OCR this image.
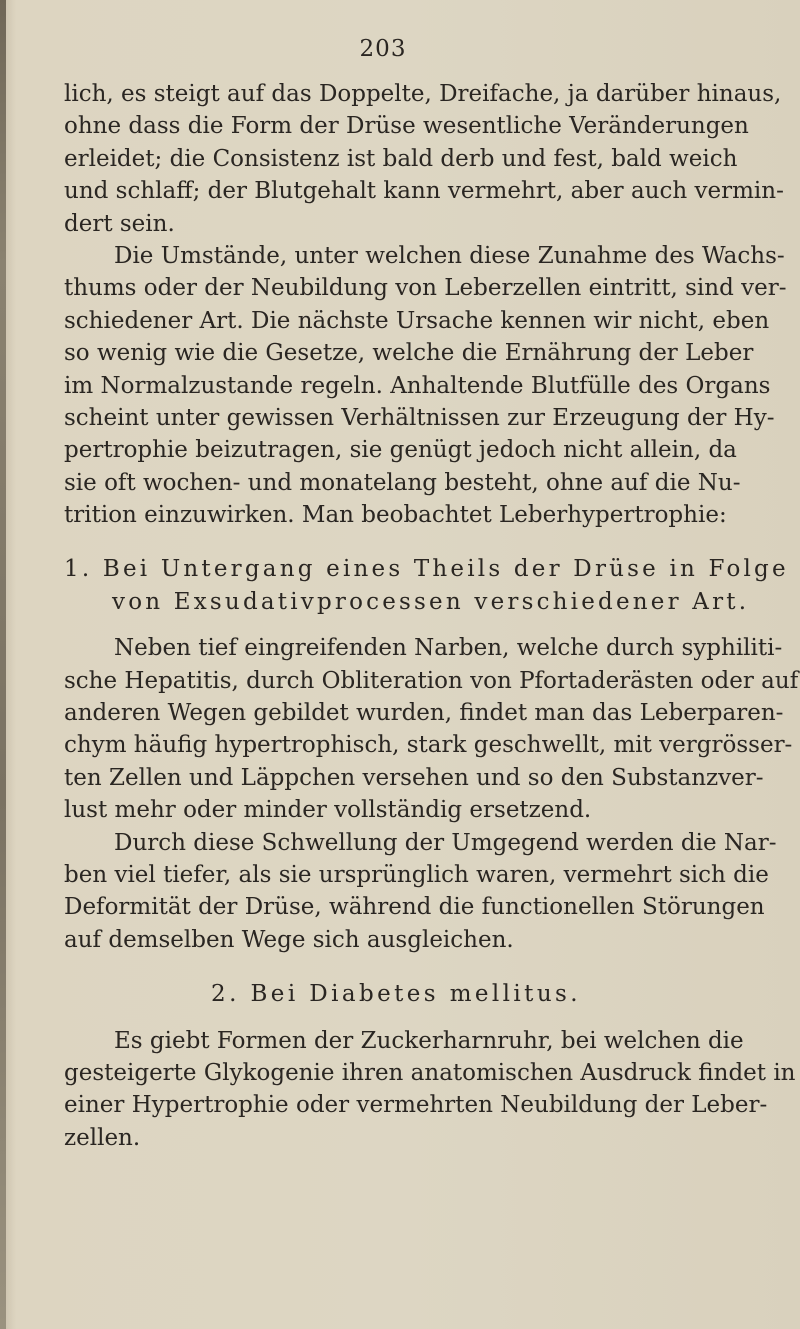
203
lich, es steigt auf das Doppelte, Dreifache, ja darüber hinaus,
ohne dass die Form der Drüse wesentliche Veränderungen
erleidet; die Consistenz ist bald derb und fest, bald weich
und schlaff; der Blutgehalt kann vermehrt, aber auch vermin-
dert sein.
Die Umstände, unter welchen diese Zunahme des Wachs-
thums oder der Neubildung von Leberzellen eintritt, sind ver-
schiedener Art. Die nächste Ursache kennen wir nicht, eben
so wenig wie die Gesetze, welche die Ernährung der Leber
im Normalzustande regeln. Anhaltende Blutfülle des Organs
scheint unter gewissen Verhältnissen zur Erzeugung der Hy-
pertrophie beizutragen, sie genügt jedoch nicht allein, da
sie oft wochen- und monatelang besteht, ohne auf die Nu-
trition einzuwirken. Man beobachtet Leberhypertrophie:
1. Bei Untergang eines Theils der Drüse in Folge
von Exsudativprocessen verschiedener Art.
Neben tief eingreifenden Narben, welche durch syphiliti-
sche Hepatitis, durch Obliteration von Pfortaderästen oder auf
anderen Wegen gebildet wurden, findet man das Leberparen-
chym häufig hypertrophisch, stark geschwellt, mit vergrösser-
ten Zellen und Läppchen versehen und so den Substanzver-
lust mehr oder minder vollständig ersetzend.
Durch diese Schwellung der Umgegend werden die Nar-
ben viel tiefer, als sie ursprünglich waren, vermehrt sich die
Deformität der Drüse, während die functionellen Störungen
auf demselben Wege sich ausgleichen.
2. Bei Diabetes mellitus.
Es giebt Formen der Zuckerharnruhr, bei welchen die
gesteigerte Glykogenie ihren anatomischen Ausdruck findet in
einer Hypertrophie oder vermehrten Neubildung der Leber-
zellen.
